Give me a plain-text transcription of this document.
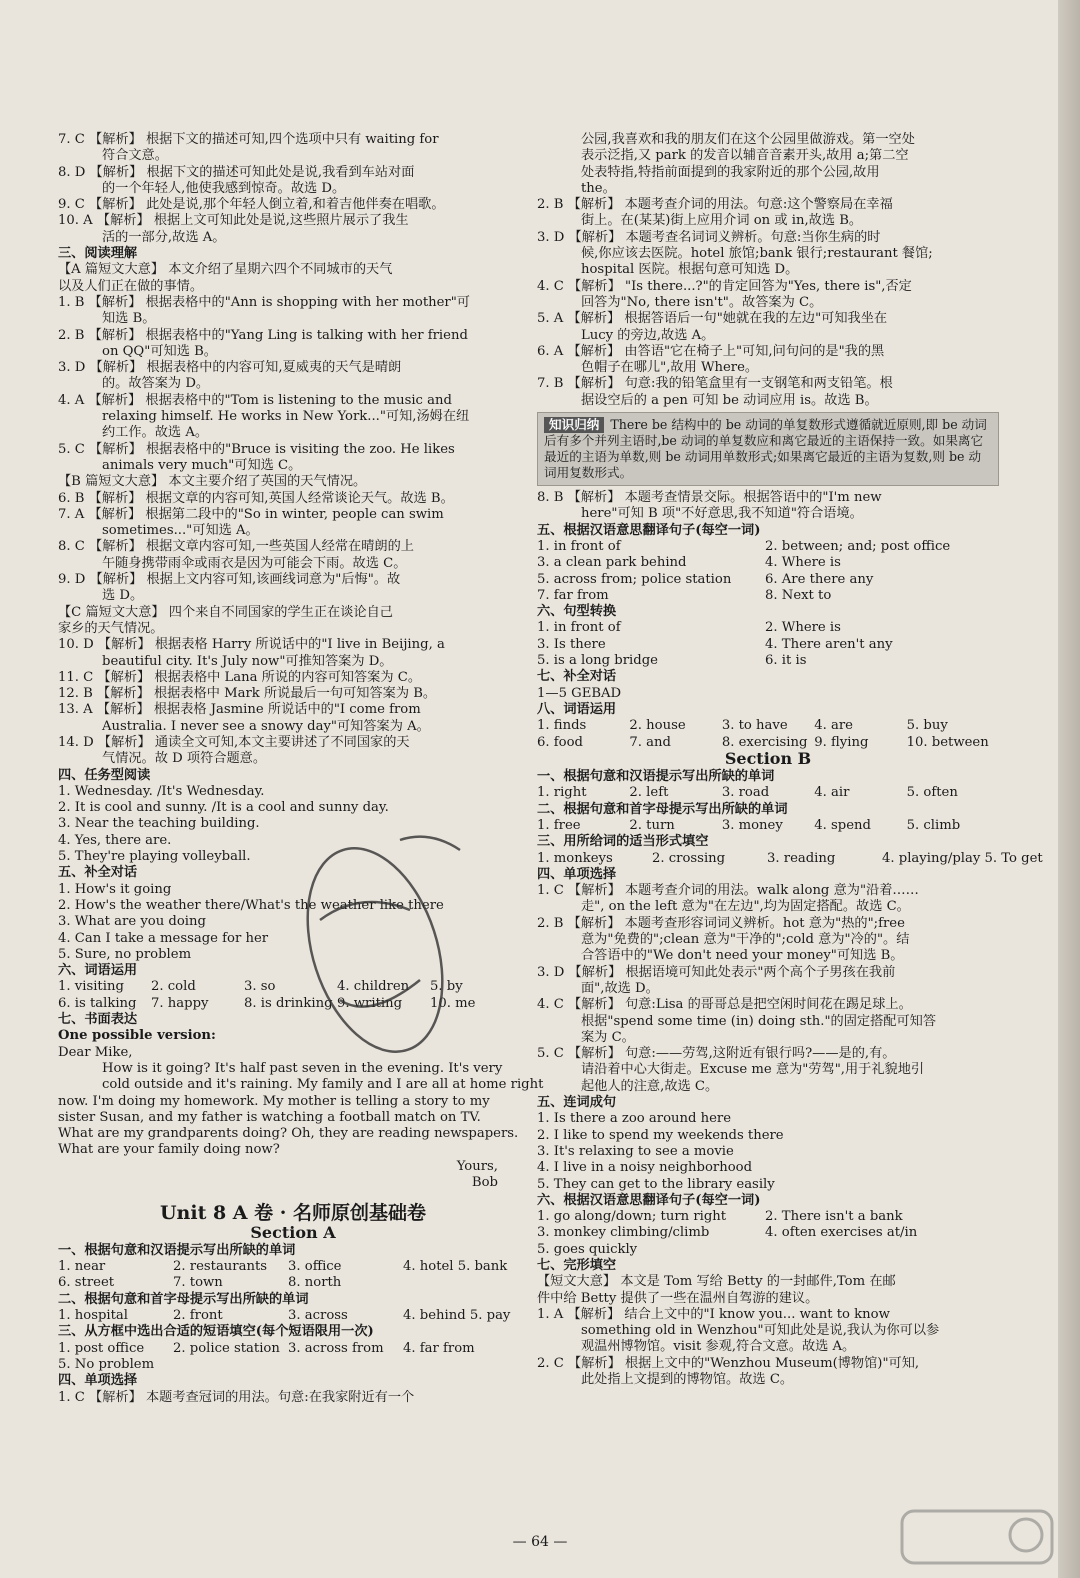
7. C 【解析】 根据下文的描述可知,四个选项中只有 waiting for
符合文意。
8. D 【解析】 根据下文的描述可知此处是说,我看到车站对面
的一个年轻人,他使我感到惊奇。故选 D。
9. C 【解析】 此处是说,那个年轻人倒立着,和着吉他伴奏在唱歌。
10. A 【解析】 根据上文可知此处是说,这些照片展示了我生
活的一部分,故选 A。
三、阅读理解
【A 篇短文大意】 本文介绍了星期六四个不同城市的天气
以及人们正在做的事情。
1. B 【解析】 根据表格中的"Ann is shopping with her mother"可
知选 B。
2. B 【解析】 根据表格中的"Yang Ling is talking with her friend
on QQ"可知选 B。
3. D 【解析】 根据表格中的内容可知,夏威夷的天气是晴朗
的。故答案为 D。
4. A 【解析】 根据表格中的"Tom is listening to the music and
relaxing himself. He works in New York..."可知,汤姆在纽
约工作。故选 A。
5. C 【解析】 根据表格中的"Bruce is visiting the zoo. He likes
animals very much"可知选 C。
【B 篇短文大意】 本文主要介绍了英国的天气情况。
6. B 【解析】 根据文章的内容可知,英国人经常谈论天气。故选 B。
7. A 【解析】 根据第二段中的"So in winter, people can swim
sometimes..."可知选 A。
8. C 【解析】 根据文章内容可知,一些英国人经常在晴朗的上
午随身携带雨伞或雨衣是因为可能会下雨。故选 C。
9. D 【解析】 根据上文内容可知,该画线词意为"后悔"。故
选 D。
【C 篇短文大意】 四个来自不同国家的学生正在谈论自己
家乡的天气情况。
10. D 【解析】 根据表格 Harry 所说话中的"I live in Beijing, a
beautiful city. It's July now"可推知答案为 D。
11. C 【解析】 根据表格中 Lana 所说的内容可知答案为 C。
12. B 【解析】 根据表格中 Mark 所说最后一句可知答案为 B。
13. A 【解析】 根据表格 Jasmine 所说话中的"I come from
Australia. I never see a snowy day"可知答案为 A。
14. D 【解析】 通读全文可知,本文主要讲述了不同国家的天
气情况。故 D 项符合题意。
四、任务型阅读
1. Wednesday. /It's Wednesday.
2. It is cool and sunny. /It is a cool and sunny day.
3. Near the teaching building.
4. Yes, there are.
5. They're playing volleyball.
五、补全对话
1. How's it going
2. How's the weather there/What's the weather like there
3. What are you doing
4. Can I take a message for her
5. Sure, no problem
六、词语运用
1. visiting	2. cold	3. so	4. children	5. by
6. is talking	7. happy	8. is drinking 9. writing	10. me
七、书面表达
One possible version:
Dear Mike,
How is it going? It's half past seven in the evening. It's very
cold outside and it's raining. My family and I are all at home right
now. I'm doing my homework. My mother is telling a story to my
sister Susan, and my father is watching a football match on TV.
What are my grandparents doing? Oh, they are reading newspapers.
What are your family doing now?
Yours,
Bob
Unit 8 A 卷 · 名师原创基础卷
Section A
一、根据句意和汉语提示写出所缺的单词
1. near	2. restaurants	3. office	4. hotel 5. bank
6. street	7. town	8. north
二、根据句意和首字母提示写出所缺的单词
1. hospital	2. front	3. across	4. behind 5. pay
三、从方框中选出合适的短语填空(每个短语限用一次)
1. post office	2. police station 3. across from	4. far from
5. No problem
四、单项选择
1. C 【解析】 本题考查冠词的用法。句意:在我家附近有一个
公园,我喜欢和我的朋友们在这个公园里做游戏。第一空处
表示泛指,又 park 的发音以辅音音素开头,故用 a;第二空
处表特指,特指前面提到的我家附近的那个公园,故用
the。
2. B 【解析】 本题考查介词的用法。句意:这个警察局在幸福
街上。在(某某)街上应用介词 on 或 in,故选 B。
3. D 【解析】 本题考查名词词义辨析。句意:当你生病的时
候,你应该去医院。hotel 旅馆;bank 银行;restaurant 餐馆;
hospital 医院。根据句意可知选 D。
4. C 【解析】 "Is there...?"的肯定回答为"Yes, there is",否定
回答为"No, there isn't"。故答案为 C。
5. A 【解析】 根据答语后一句"她就在我的左边"可知我坐在
Lucy 的旁边,故选 A。
6. A 【解析】 由答语"它在椅子上"可知,问句问的是"我的黑
色帽子在哪儿",故用 Where。
7. B 【解析】 句意:我的铅笔盒里有一支钢笔和两支铅笔。根
据设空后的 a pen 可知 be 动词应用 is。故选 B。
知识归纳 There be 结构中的 be 动词的单复数形式遵循就近原则,即 be 动词后有多个并列主语时,be 动词的单复数应和离它最近的主语保持一致。如果离它最近的主语为单数,则 be 动词用单数形式;如果离它最近的主语为复数,则 be 动词用复数形式。
8. B 【解析】 本题考查情景交际。根据答语中的"I'm new
here"可知 B 项"不好意思,我不知道"符合语境。
五、根据汉语意思翻译句子(每空一词)
1. in front of	2. between; and; post office
3. a clean park behind	4. Where is
5. across from; police station	6. Are there any
7. far from	8. Next to
六、句型转换
1. in front of	2. Where is
3. Is there	4. There aren't any
5. is a long bridge	6. it is
七、补全对话
1—5 GEBAD
八、词语运用
1. finds	2. house	3. to have	4. are	5. buy
6. food	7. and	8. exercising 9. flying	10. between
Section B
一、根据句意和汉语提示写出所缺的单词
1. right	2. left	3. road	4. air	5. often
二、根据句意和首字母提示写出所缺的单词
1. free	2. turn	3. money	4. spend	5. climb
三、用所给词的适当形式填空
1. monkeys	2. crossing	3. reading	4. playing/play 5. To get
四、单项选择
1. C 【解析】 本题考查介词的用法。walk along 意为"沿着……
走", on the left 意为"在左边",均为固定搭配。故选 C。
2. B 【解析】 本题考查形容词词义辨析。hot 意为"热的";free
意为"免费的";clean 意为"干净的";cold 意为"冷的"。结
合答语中的"We don't need your money"可知选 B。
3. D 【解析】 根据语境可知此处表示"两个高个子男孩在我前
面",故选 D。
4. C 【解析】 句意:Lisa 的哥哥总是把空闲时间花在踢足球上。
根据"spend some time (in) doing sth."的固定搭配可知答
案为 C。
5. C 【解析】 句意:——劳驾,这附近有银行吗?——是的,有。
请沿着中心大街走。Excuse me 意为"劳驾",用于礼貌地引
起他人的注意,故选 C。
五、连词成句
1. Is there a zoo around here
2. I like to spend my weekends there
3. It's relaxing to see a movie
4. I live in a noisy neighborhood
5. They can get to the library easily
六、根据汉语意思翻译句子(每空一词)
1. go along/down; turn right	2. There isn't a bank
3. monkey climbing/climb	4. often exercises at/in
5. goes quickly
七、完形填空
【短文大意】 本文是 Tom 写给 Betty 的一封邮件,Tom 在邮
件中给 Betty 提供了一些在温州自驾游的建议。
1. A 【解析】 结合上文中的"I know you... want to know
something old in Wenzhou"可知此处是说,我认为你可以参
观温州博物馆。visit 参观,符合文意。故选 A。
2. C 【解析】 根据上文中的"Wenzhou Museum(博物馆)"可知,
此处指上文提到的博物馆。故选 C。
— 64 —
